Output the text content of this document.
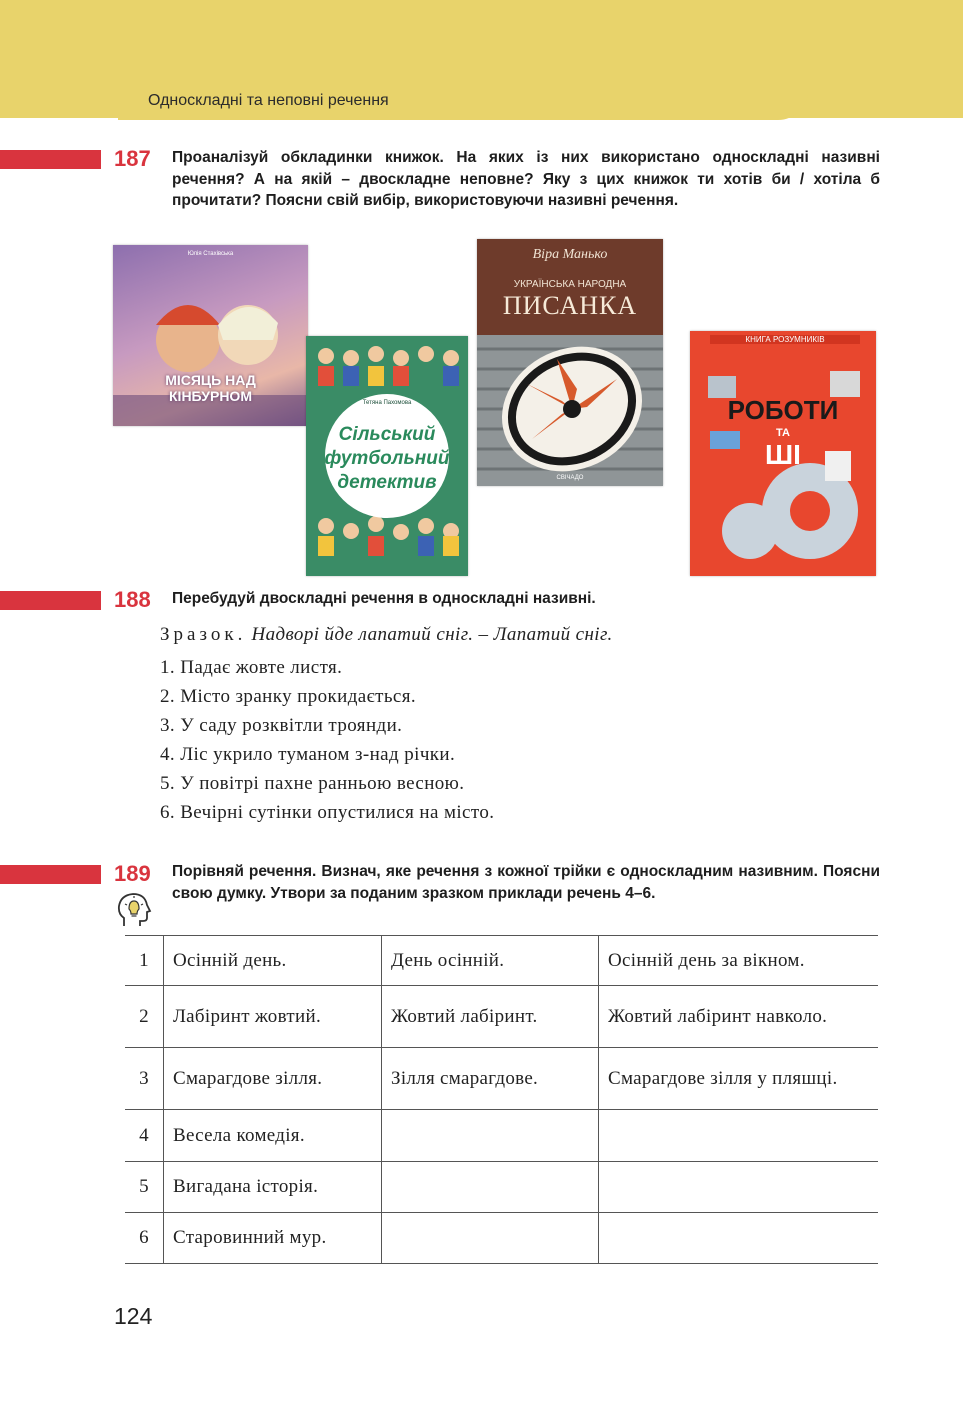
Односкладні та неповні речення
187 Проаналізуй обкладинки книжок. На яких із них використано односкладні називні речення? А на якій – двоскладне неповне? Яку з цих книжок ти хотів би / хотіла б прочитати? Поясни свій вибір, використовуючи називні речення.
Юлія Стахівська
МІСЯЦЬ НАД
КІНБУРНОМ	Тетяна Пахомова
Сільський
футбольний
детектив
Віра Манько
УКРАЇНСЬКА НАРОДНА
ПИСАНКА
СВІЧАДО
КНИГА РОЗУМНИКІВ
РОБОТИ
ТА
ШІ
188 Перебудуй двоскладні речення в односкладні називні.
Зразок. Надворі йде лапатий сніг. – Лапатий сніг.
1. Падає жовте листя.
2. Місто зранку прокидається.
3. У саду розквітли троянди.
4. Ліс укрило туманом з-над річки.
5. У повітрі пахне ранньою весною.
6. Вечірні сутінки опустилися на місто.
189 Порівняй речення. Визнач, яке речення з кожної трійки є односкладним називним. Поясни свою думку. Утвори за поданим зразком приклади речень 4–6.
1	Осінній день.	День осінній.	Осінній день за вікном.
2	Лабіринт жовтий.	Жовтий лабіринт.	Жовтий лабіринт навколо.
3	Смарагдове зілля.	Зілля смарагдове.	Смарагдове зілля у пляшці.
4	Весела комедія.		
5	Вигадана історія.		
6	Старовинний мур.		
124
